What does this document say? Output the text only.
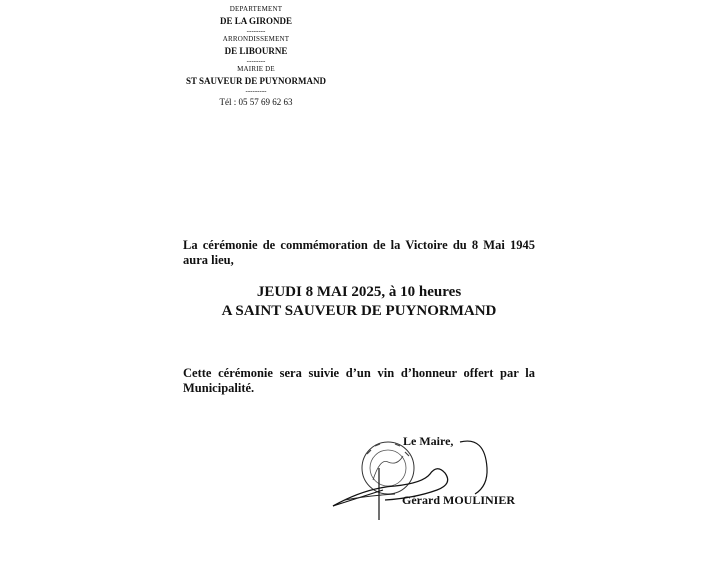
DEPARTEMENT

DE LA GIRONDE

--------

ARRONDISSEMENT

DE LIBOURNE

--------

MAIRIE DE

ST SAUVEUR DE PUYNORMAND

---------

Tél : 05 57 69 62 63

La cérémonie de commémoration de la Victoire du 8 Mai 1945 aura lieu,

JEUDI 8 MAI 2025, à 10 heures

A SAINT SAUVEUR DE PUYNORMAND

Cette cérémonie sera suivie d’un vin d’honneur offert par la Municipalité.

Le Maire,

Gérard MOULINIER
